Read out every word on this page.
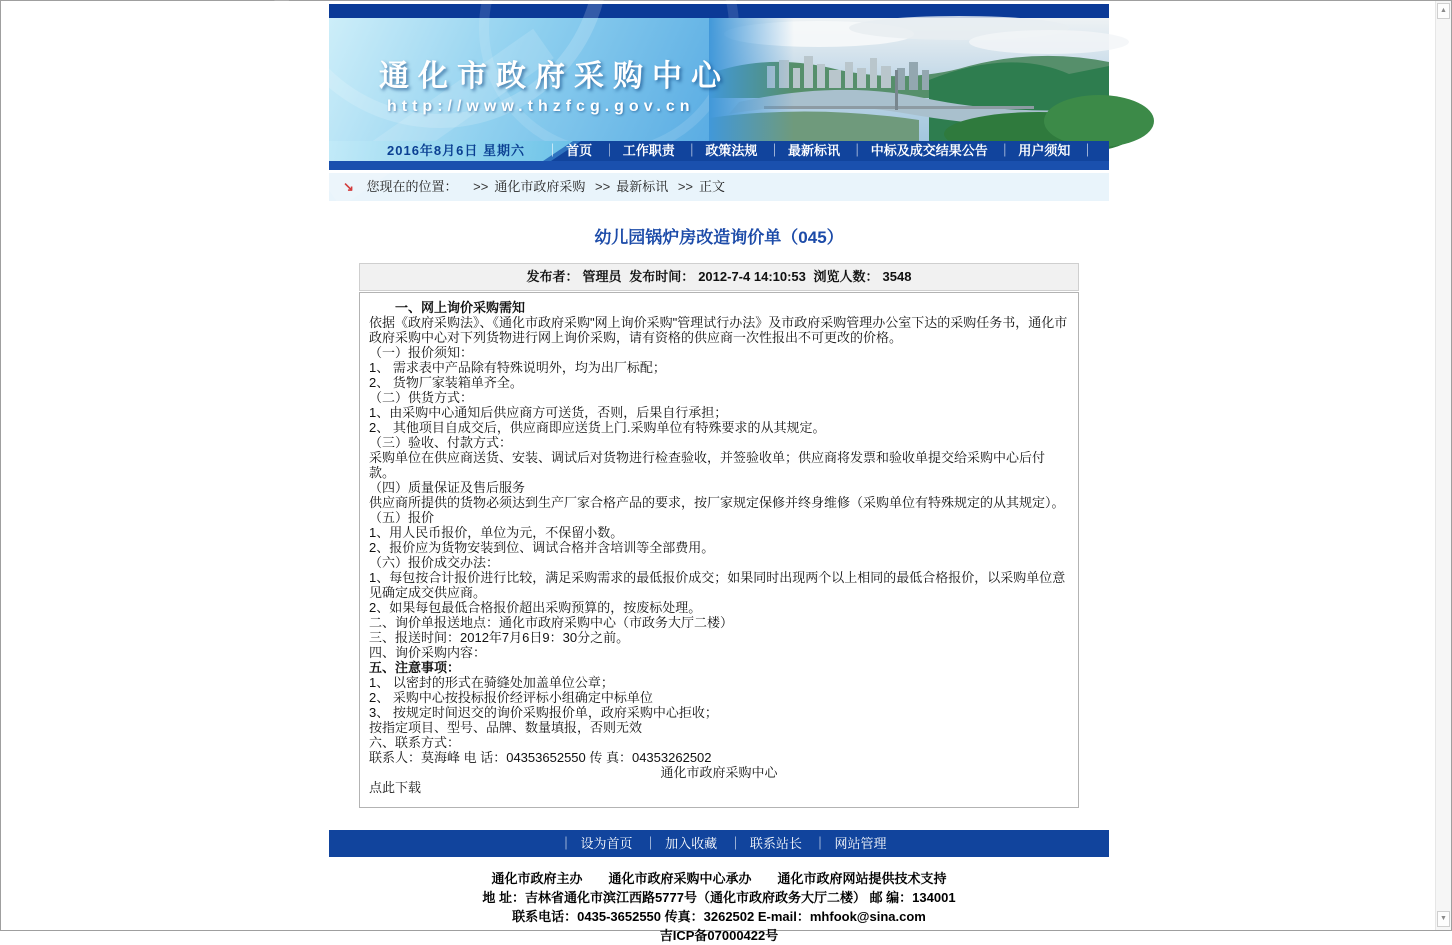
通化市政府采购中心
http://www.thzfcg.gov.cn
2016年8月6日 星期六	｜ 首页 ｜ 工作职责 ｜ 政策法规 ｜ 最新标讯 ｜ 中标及成交结果公告 ｜ 用户须知 ｜
↘ 您现在的位置： >> 通化市政府采购 >> 最新标讯 >> 正文
幼儿园锅炉房改造询价单（045）
发布者： 管理员 发布时间： 2012-7-4 14:10:53 浏览人数： 3548
一、网上询价采购需知
依据《政府采购法》、《通化市政府采购"网上询价采购"管理试行办法》及市政府采购管理办公室下达的采购任务书，通化市政府采购中心对下列货物进行网上询价采购，请有资格的供应商一次性报出不可更改的价格。
（一）报价须知：
1、 需求表中产品除有特殊说明外，均为出厂标配；
2、 货物厂家装箱单齐全。
（二）供货方式：
1、由采购中心通知后供应商方可送货，否则，后果自行承担；
2、 其他项目自成交后，供应商即应送货上门.采购单位有特殊要求的从其规定。
（三）验收、付款方式：
采购单位在供应商送货、安装、调试后对货物进行检查验收，并签验收单；供应商将发票和验收单提交给采购中心后付款。
（四）质量保证及售后服务
供应商所提供的货物必须达到生产厂家合格产品的要求，按厂家规定保修并终身维修（采购单位有特殊规定的从其规定）。
（五）报价
1、用人民币报价，单位为元，不保留小数。
2、报价应为货物安装到位、调试合格并含培训等全部费用。
（六）报价成交办法：
1、每包按合计报价进行比较，满足采购需求的最低报价成交；如果同时出现两个以上相同的最低合格报价，以采购单位意见确定成交供应商。
2、如果每包最低合格报价超出采购预算的，按废标处理。
二、询价单报送地点：通化市政府采购中心（市政务大厅二楼）
三、报送时间：2012年7月6日9：30分之前。
四、询价采购内容：
五、注意事项：
1、 以密封的形式在骑缝处加盖单位公章；
2、 采购中心按投标报价经评标小组确定中标单位
3、 按规定时间迟交的询价采购报价单，政府采购中心拒收；
按指定项目、型号、品牌、数量填报，否则无效
六、联系方式：
联系人：莫海峰 电 话：04353652550 传 真：04353262502
通化市政府采购中心
点此下载
｜ 设为首页 ｜ 加入收藏 ｜ 联系站长 ｜ 网站管理
通化市政府主办　　通化市政府采购中心承办　　通化市政府网站提供技术支持
地 址：吉林省通化市滨江西路5777号（通化市政府政务大厅二楼） 邮 编：134001
联系电话：0435-3652550 传真：3262502 E-mail：mhfook@sina.com
吉ICP备07000422号
▲
▼
